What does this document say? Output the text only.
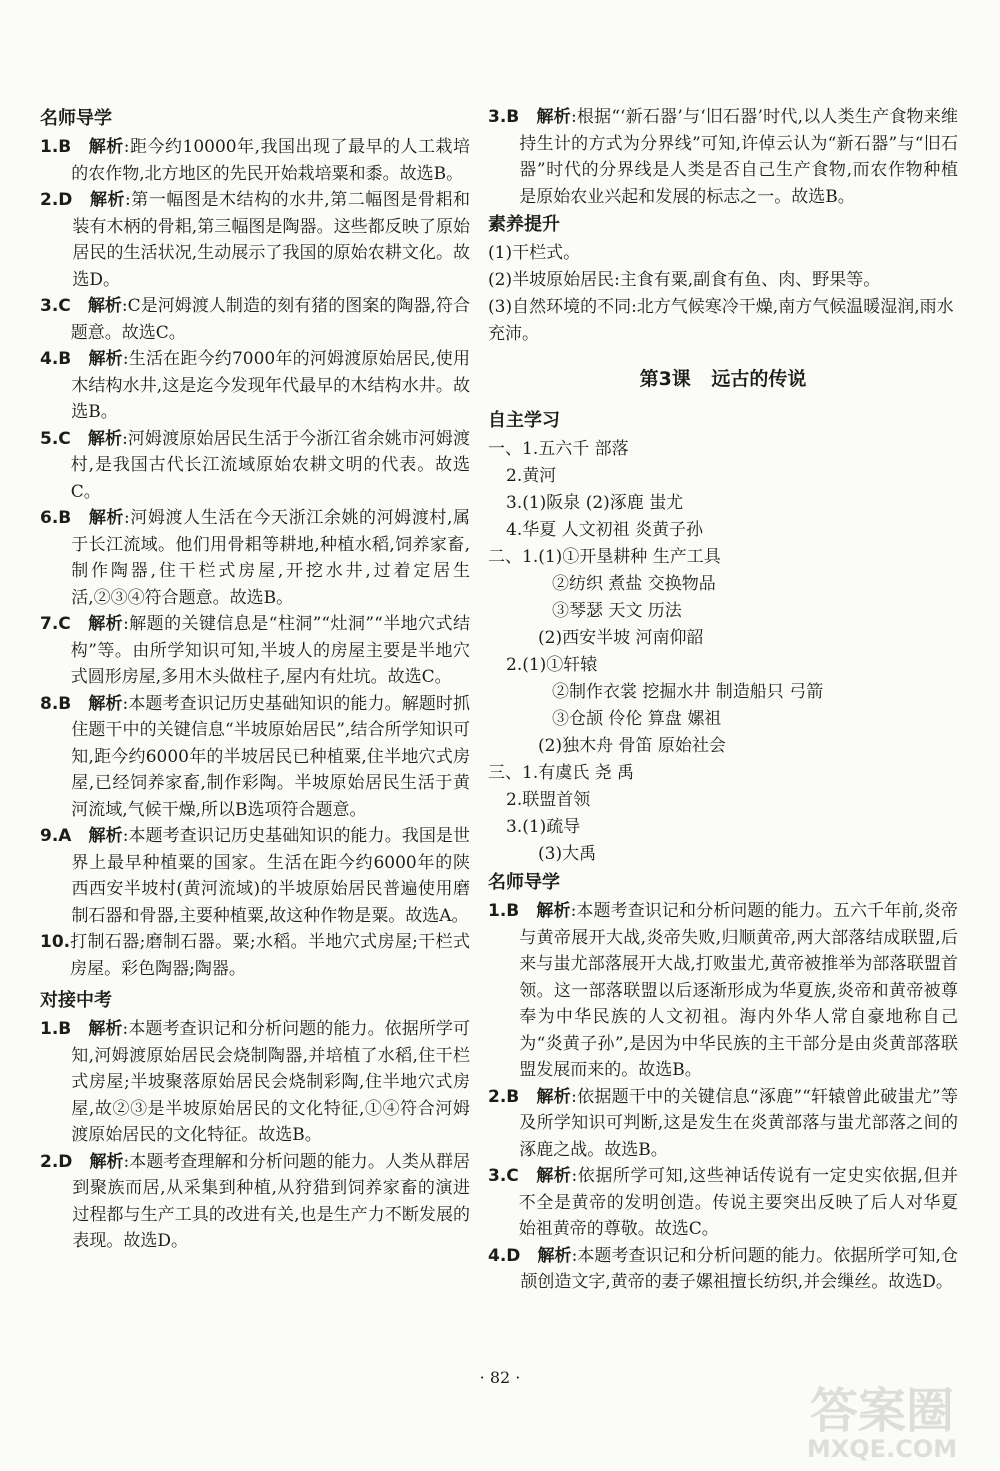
名师导学
1.B
 	解析:距今约10000年,我国出现了最早的人工栽培的农作物,北方地区的先民开始栽培粟和黍。故选B。
2.D
 	解析:第一幅图是木结构的水井,第二幅图是骨耜和装有木柄的骨耜,第三幅图是陶器。这些都反映了原始居民的生活状况,生动展示了我国的原始农耕文化。故选D。
3.C
 	解析:C是河姆渡人制造的刻有猪的图案的陶器,符合题意。故选C。
4.B
 	解析:生活在距今约7000年的河姆渡原始居民,使用木结构水井,这是迄今发现年代最早的木结构水井。故选B。
5.C
 	解析:河姆渡原始居民生活于今浙江省余姚市河姆渡村,是我国古代长江流域原始农耕文明的代表。故选C。
6.B
 	解析:河姆渡人生活在今天浙江余姚的河姆渡村,属于长江流域。他们用骨耜等耕地,种植水稻,饲养家畜,制作陶器,住干栏式房屋,开挖水井,过着定居生活,②③④符合题意。故选B。
7.C
 	解析:解题的关键信息是“柱洞”“灶洞”“半地穴式结构”等。由所学知识可知,半坡人的房屋主要是半地穴式圆形房屋,多用木头做柱子,屋内有灶坑。故选C。
8.B
 	解析:本题考查识记历史基础知识的能力。解题时抓住题干中的关键信息“半坡原始居民”,结合所学知识可知,距今约6000年的半坡居民已种植粟,住半地穴式房屋,已经饲养家畜,制作彩陶。半坡原始居民生活于黄河流域,气候干燥,所以B选项符合题意。
9.A
 	解析:本题考查识记历史基础知识的能力。我国是世界上最早种植粟的国家。生活在距今约6000年的陕西西安半坡村(黄河流域)的半坡原始居民普遍使用磨制石器和骨器,主要种植粟,故这种作物是粟。故选A。
10. 打制石器;磨制石器。粟;水稻。半地穴式房屋;干栏式房屋。彩色陶器;陶器。
对接中考
1.B
 	解析:本题考查识记和分析问题的能力。依据所学可知,河姆渡原始居民会烧制陶器,并培植了水稻,住干栏式房屋;半坡聚落原始居民会烧制彩陶,住半地穴式房屋,故②③是半坡原始居民的文化特征,①④符合河姆渡原始居民的文化特征。故选B。
2.D
 	解析:本题考查理解和分析问题的能力。人类从群居到聚族而居,从采集到种植,从狩猎到饲养家畜的演进过程都与生产工具的改进有关,也是生产力不断发展的表现。故选D。
3.B
 	解析:根据“‘新石器’与‘旧石器’时代,以人类生产食物来维持生计的方式为分界线”可知,许倬云认为“新石器”与“旧石器”时代的分界线是人类是否自己生产食物,而农作物种植是原始农业兴起和发展的标志之一。故选B。
素养提升
(1)干栏式。
(2)半坡原始居民:主食有粟,副食有鱼、肉、野果等。
(3)自然环境的不同:北方气候寒冷干燥,南方气候温暖湿润,雨水充沛。
第3课 远古的传说
自主学习
一、1.五六千 部落
2.黄河
3.(1)阪泉 (2)涿鹿 蚩尤
4.华夏 人文初祖 炎黄子孙
二、1.(1)①开垦耕种 生产工具
②纺织 煮盐 交换物品
③琴瑟 天文 历法
(2)西安半坡 河南仰韶
2.(1)①轩辕
②制作衣裳 挖掘水井 制造船只 弓箭
③仓颉 伶伦 算盘 嫘祖
(2)独木舟 骨笛 原始社会
三、1.有虞氏 尧 禹
2.联盟首领
3.(1)疏导
(3)大禹
名师导学
1.B
 	解析:本题考查识记和分析问题的能力。五六千年前,炎帝与黄帝展开大战,炎帝失败,归顺黄帝,两大部落结成联盟,后来与蚩尤部落展开大战,打败蚩尤,黄帝被推举为部落联盟首领。这一部落联盟以后逐渐形成为华夏族,炎帝和黄帝被尊奉为中华民族的人文初祖。海内外华人常自豪地称自己为“炎黄子孙”,是因为中华民族的主干部分是由炎黄部落联盟发展而来的。故选B。
2.B
 	解析:依据题干中的关键信息“涿鹿”“轩辕曾此破蚩尤”等及所学知识可判断,这是发生在炎黄部落与蚩尤部落之间的涿鹿之战。故选B。
3.C
 	解析:依据所学可知,这些神话传说有一定史实依据,但并不全是黄帝的发明创造。传说主要突出反映了后人对华夏始祖黄帝的尊敬。故选C。
4.D
 	解析:本题考查识记和分析问题的能力。依据所学可知,仓颉创造文字,黄帝的妻子嫘祖擅长纺织,并会缫丝。故选D。
· 82 ·
答案圈
MXQE.COM
